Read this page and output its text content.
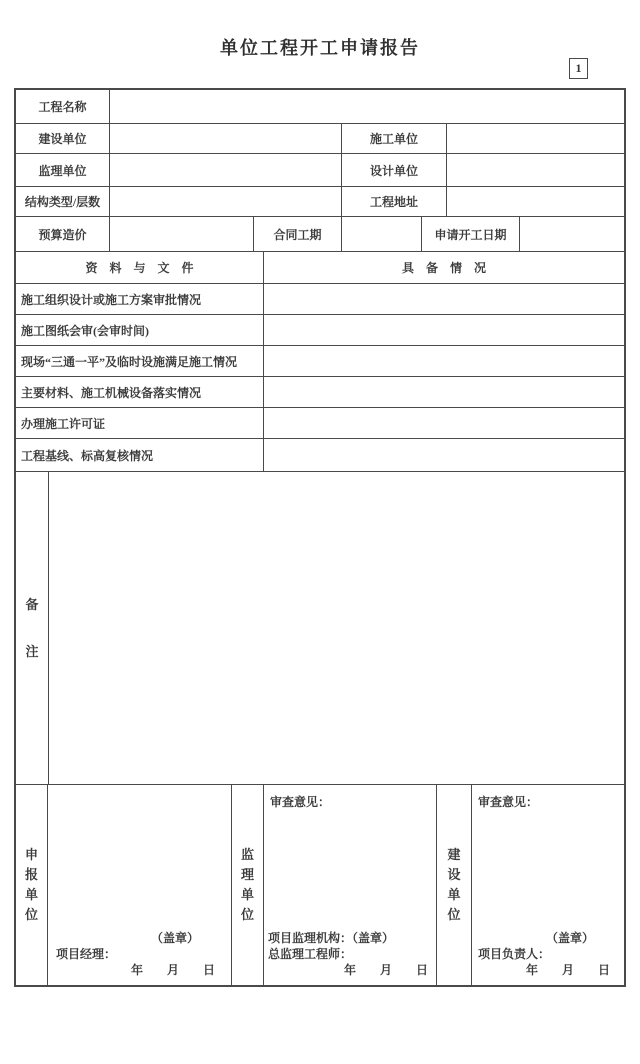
单位工程开工申请报告
1
工程名称
建设单位	施工单位
监理单位	设计单位
结构类型/层数	工程地址
预算造价	合同工期	申请开工日期
资　料　与　文　件	具　备　情　况
施工组织设计或施工方案审批情况
施工图纸会审(会审时间)
现场“三通一平”及临时设施满足施工情况
主要材料、施工机械设备落实情况
办理施工许可证
工程基线、标高复核情况
备注
申报单位
（盖章）
项目经理：
年　　月　　日
监理单位
审查意见：
项目监理机构：（盖章）
总监理工程师：
年　　月　　日
建设单位
审查意见：
（盖章）
项目负责人：
年　　月　　日
